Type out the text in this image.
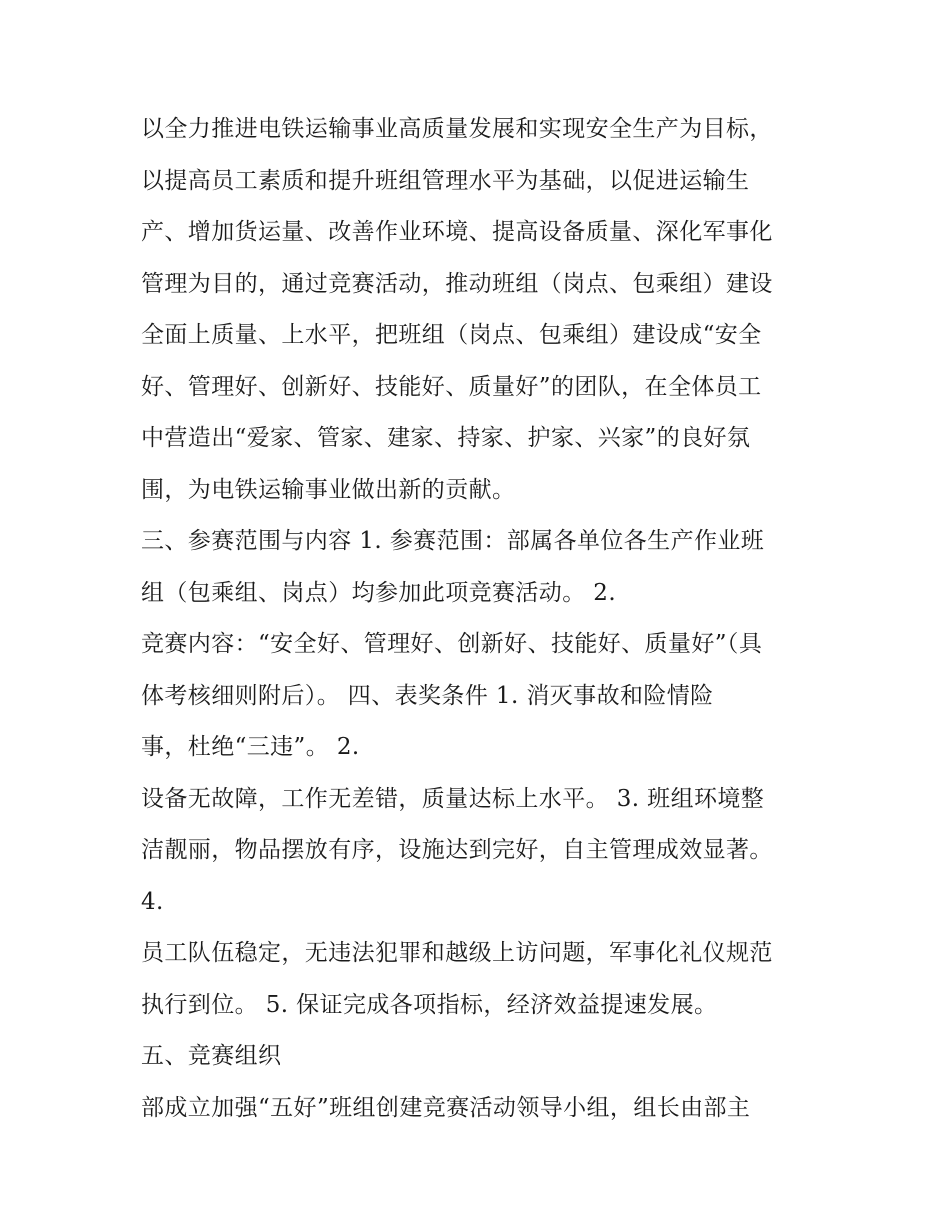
以全力推进电铁运输事业高质量发展和实现安全生产为目标，
以提高员工素质和提升班组管理水平为基础，以促进运输生
产、增加货运量、改善作业环境、提高设备质量、深化军事化
管理为目的，通过竞赛活动，推动班组（岗点、包乘组）建设
全面上质量、上水平，把班组（岗点、包乘组）建设成“安全
好、管理好、创新好、技能好、质量好”的团队，在全体员工
中营造出“爱家、管家、建家、持家、护家、兴家”的良好氛
围，为电铁运输事业做出新的贡献。
三、参赛范围与内容 1. 参赛范围：部属各单位各生产作业班
组（包乘组、岗点）均参加此项竞赛活动。 2.
竞赛内容：“安全好、管理好、创新好、技能好、质量好”（具
体考核细则附后）。 四、表奖条件 1. 消灭事故和险情险
事，杜绝“三违”。 2.
设备无故障，工作无差错，质量达标上水平。 3. 班组环境整
洁靓丽，物品摆放有序，设施达到完好，自主管理成效显著。
4.
员工队伍稳定，无违法犯罪和越级上访问题，军事化礼仪规范
执行到位。 5. 保证完成各项指标，经济效益提速发展。
五、竞赛组织
部成立加强“五好”班组创建竞赛活动领导小组，组长由部主
